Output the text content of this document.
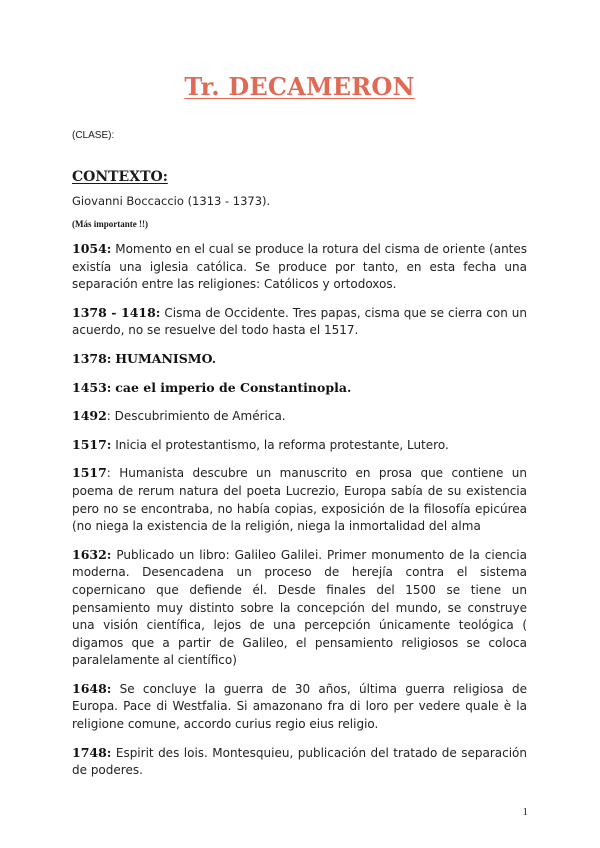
Tr. DECAMERON
(CLASE):
CONTEXTO:
Giovanni Boccaccio (1313 - 1373).
(Más importante !!)

1054: Momento en el cual se produce la rotura del cisma de oriente (antes existía una iglesia católica. Se produce por tanto, en esta fecha una separación entre las religiones: Católicos y ortodoxos.

1378 - 1418: Cisma de Occidente. Tres papas, cisma que se cierra con un acuerdo, no se resuelve del todo hasta el 1517.

1378: HUMANISMO.

1453: cae el imperio de Constantinopla.

1492: Descubrimiento de América.

1517: Inicia el protestantismo, la reforma protestante, Lutero.

1517: Humanista descubre un manuscrito en prosa que contiene un poema de rerum natura del poeta Lucrezio, Europa sabía de su existencia pero no se encontraba, no había copias, exposición de la filosofía epicúrea (no niega la existencia de la religión, niega la inmortalidad del alma

1632: Publicado un libro: Galileo Galilei. Primer monumento de la ciencia moderna. Desencadena un proceso de herejía contra el sistema copernicano que defiende él. Desde finales del 1500 se tiene un pensamiento muy distinto sobre la concepción del mundo, se construye una visión científica, lejos de una percepción únicamente teológica ( digamos que a partir de Galileo, el pensamiento religiosos se coloca paralelamente al científico)

1648: Se concluye la guerra de 30 años, última guerra religiosa de Europa. Pace di Westfalia. Si amazonano fra di loro per vedere quale è la religione comune, accordo curius regio eius religio.

1748: Espirit des lois. Montesquieu, publicación del tratado de separación de poderes.

1
